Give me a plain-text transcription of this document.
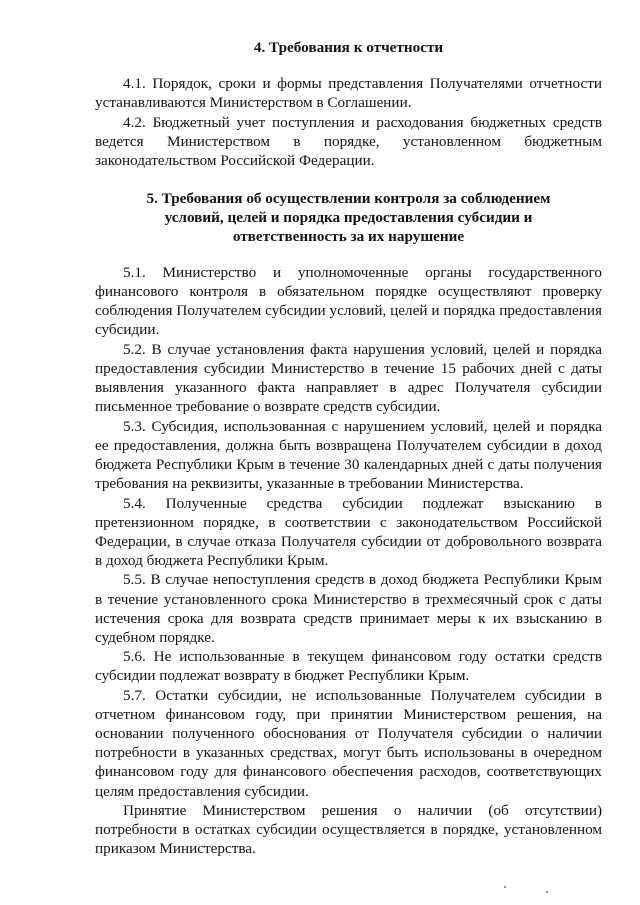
4. Требования к отчетности

4.1. Порядок, сроки и формы представления Получателями отчетности устанавливаются Министерством в Соглашении.

4.2. Бюджетный учет поступления и расходования бюджетных средств ведется Министерством в порядке, установленном бюджетным законодательством Российской Федерации.

5. Требования об осуществлении контроля за соблюдением
условий, целей и порядка предоставления субсидии и
ответственность за их нарушение

5.1. Министерство и уполномоченные органы государственного финансового контроля в обязательном порядке осуществляют проверку соблюдения Получателем субсидии условий, целей и порядка предоставления субсидии.

5.2. В случае установления факта нарушения условий, целей и порядка предоставления субсидии Министерство в течение 15 рабочих дней с даты выявления указанного факта направляет в адрес Получателя субсидии письменное требование о возврате средств субсидии.

5.3. Субсидия, использованная с нарушением условий, целей и порядка ее предоставления, должна быть возвращена Получателем субсидии в доход бюджета Республики Крым в течение 30 календарных дней с даты получения требования на реквизиты, указанные в требовании Министерства.

5.4. Полученные средства субсидии подлежат взысканию в претензионном порядке, в соответствии с законодательством Российской Федерации, в случае отказа Получателя субсидии от добровольного возврата в доход бюджета Республики Крым.

5.5. В случае непоступления средств в доход бюджета Республики Крым в течение установленного срока Министерство в трехмесячный срок с даты истечения срока для возврата средств принимает меры к их взысканию в судебном порядке.

5.6. Не использованные в текущем финансовом году остатки средств субсидии подлежат возврату в бюджет Республики Крым.

5.7. Остатки субсидии, не использованные Получателем субсидии в отчетном финансовом году, при принятии Министерством решения, на основании полученного обоснования от Получателя субсидии о наличии потребности в указанных средствах, могут быть использованы в очередном финансовом году для финансового обеспечения расходов, соответствующих целям предоставления субсидии.

Принятие Министерством решения о наличии (об отсутствии) потребности в остатках субсидии осуществляется в порядке, установленном приказом Министерства.
